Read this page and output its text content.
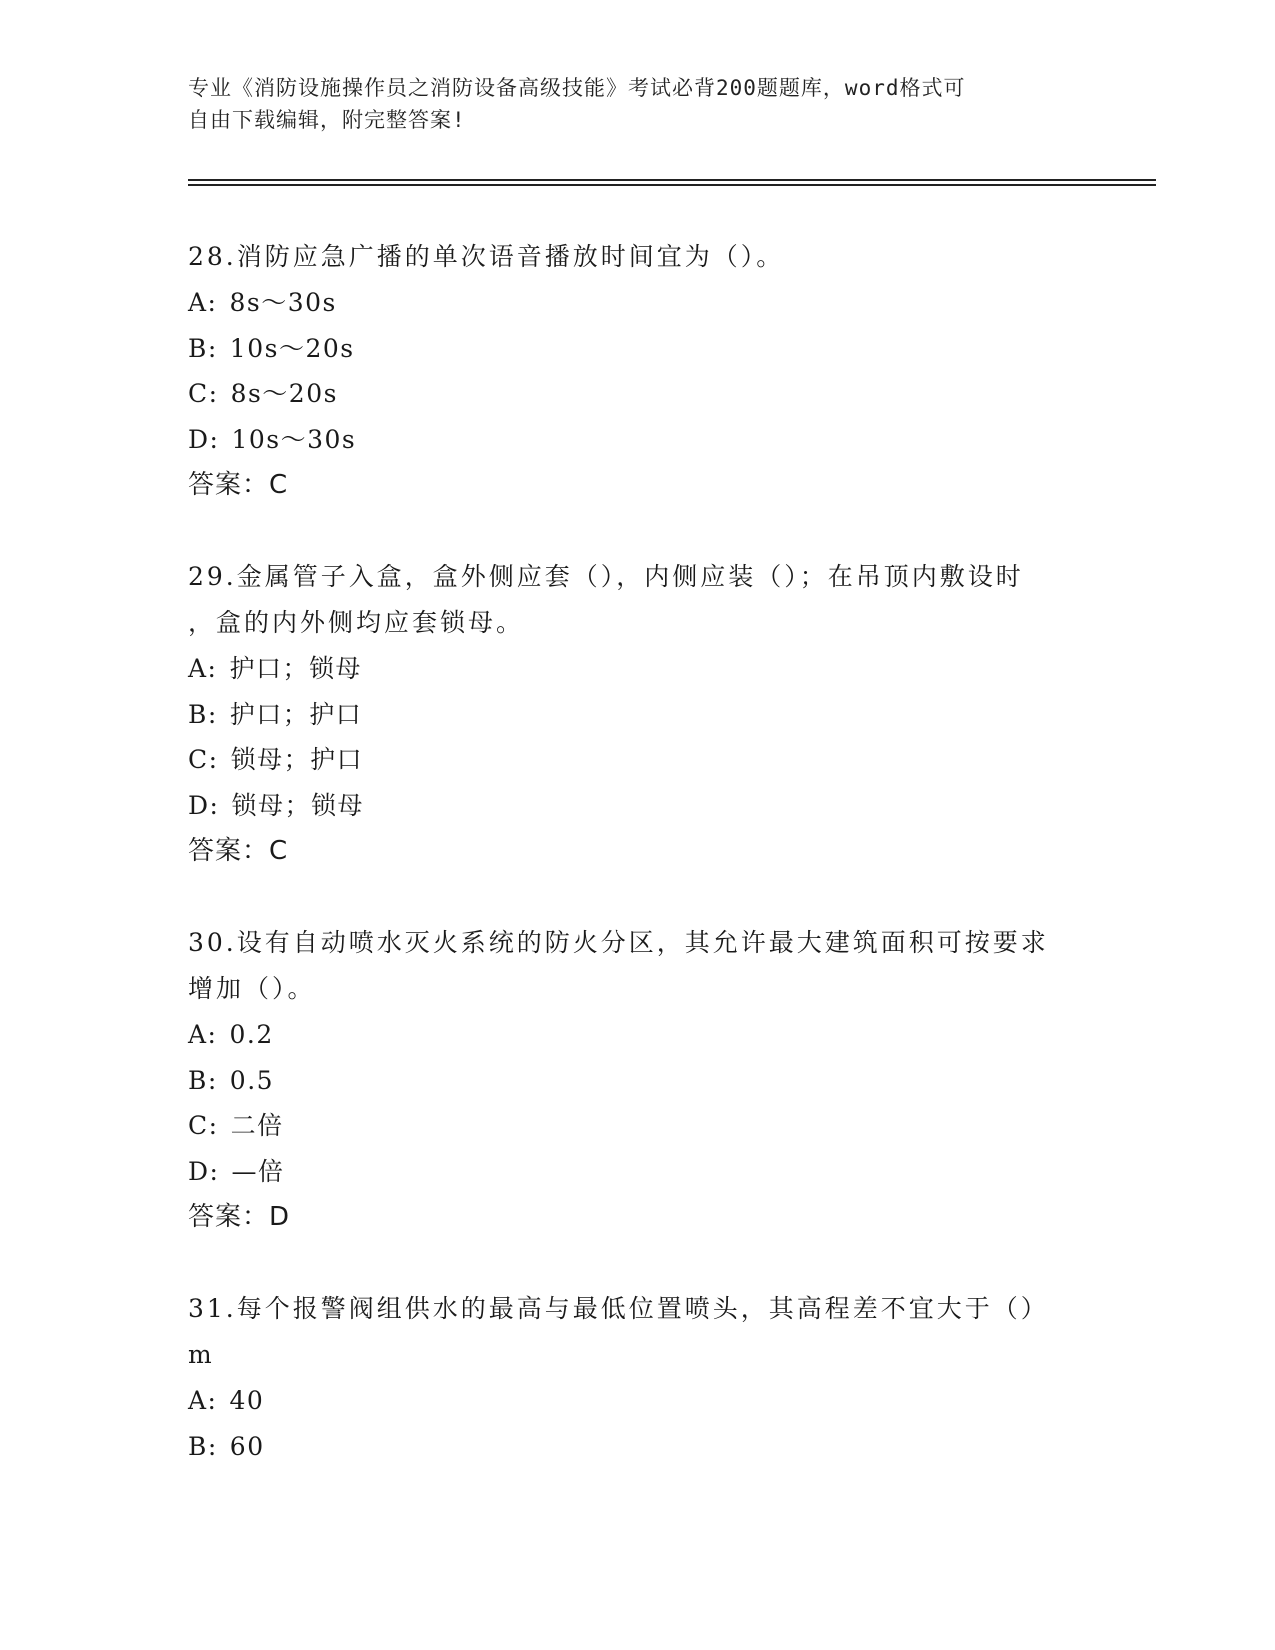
专业《消防设施操作员之消防设备高级技能》考试必背200题题库，word格式可
自由下载编辑，附完整答案!
28.消防应急广播的单次语音播放时间宜为（）。
A: 8s～30s
B: 10s～20s
C: 8s～20s
D: 10s～30s
答案：C
29.金属管子入盒，盒外侧应套（），内侧应装（）；在吊顶内敷设时
，盒的内外侧均应套锁母。
A: 护口；锁母
B: 护口；护口
C: 锁母；护口
D: 锁母；锁母
答案：C
30.设有自动喷水灭火系统的防火分区，其允许最大建筑面积可按要求
增加（）。
A: 0.2
B: 0.5
C: 二倍
D: —倍
答案：D
31.每个报警阀组供水的最高与最低位置喷头，其高程差不宜大于（）
m
A: 40
B: 60
